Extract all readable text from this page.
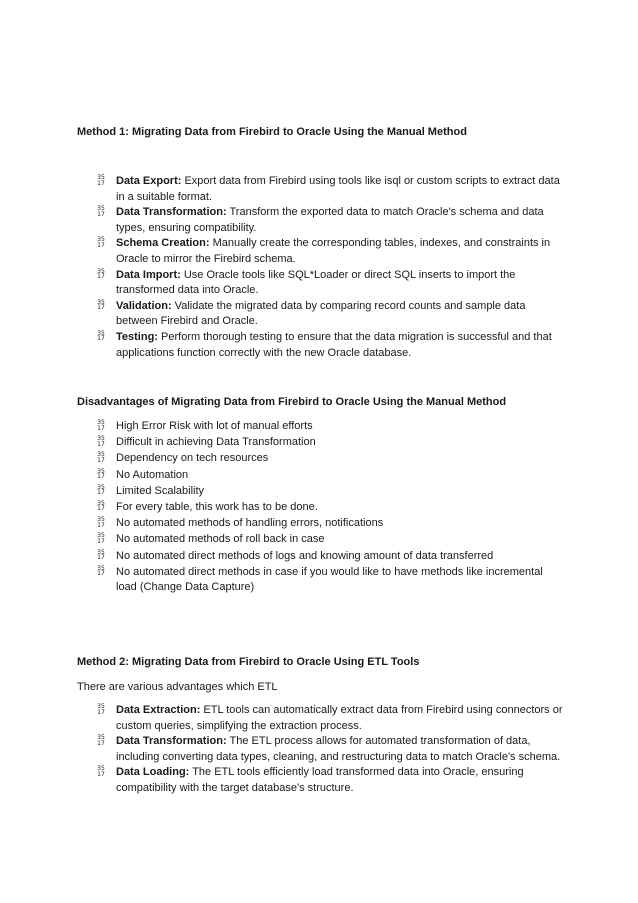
Method 1: Migrating Data from Firebird to Oracle Using the Manual Method
35
17 Data Export: Export data from Firebird using tools like isql or custom scripts to extract data in a suitable format.
35
17 Data Transformation: Transform the exported data to match Oracle's schema and data types, ensuring compatibility.
35
17 Schema Creation: Manually create the corresponding tables, indexes, and constraints in Oracle to mirror the Firebird schema.
35
17 Data Import: Use Oracle tools like SQL*Loader or direct SQL inserts to import the transformed data into Oracle.
35
17 Validation: Validate the migrated data by comparing record counts and sample data between Firebird and Oracle.
35
17 Testing: Perform thorough testing to ensure that the data migration is successful and that applications function correctly with the new Oracle database.
Disadvantages of Migrating Data from Firebird to Oracle Using the Manual Method
35
17 High Error Risk with lot of manual efforts
35
17 Difficult in achieving Data Transformation
35
17 Dependency on tech resources
35
17 No Automation
35
17 Limited Scalability
35
17 For every table, this work has to be done.
35
17 No automated methods of handling errors, notifications
35
17 No automated methods of roll back in case
35
17 No automated direct methods of logs and knowing amount of data transferred
35
17 No automated direct methods in case if you would like to have methods like incremental load (Change Data Capture)
Method 2: Migrating Data from Firebird to Oracle Using ETL Tools

There are various advantages which ETL

35
17 Data Extraction: ETL tools can automatically extract data from Firebird using connectors or custom queries, simplifying the extraction process.
35
17 Data Transformation: The ETL process allows for automated transformation of data, including converting data types, cleaning, and restructuring data to match Oracle's schema.
35
17 Data Loading: The ETL tools efficiently load transformed data into Oracle, ensuring compatibility with the target database's structure.
